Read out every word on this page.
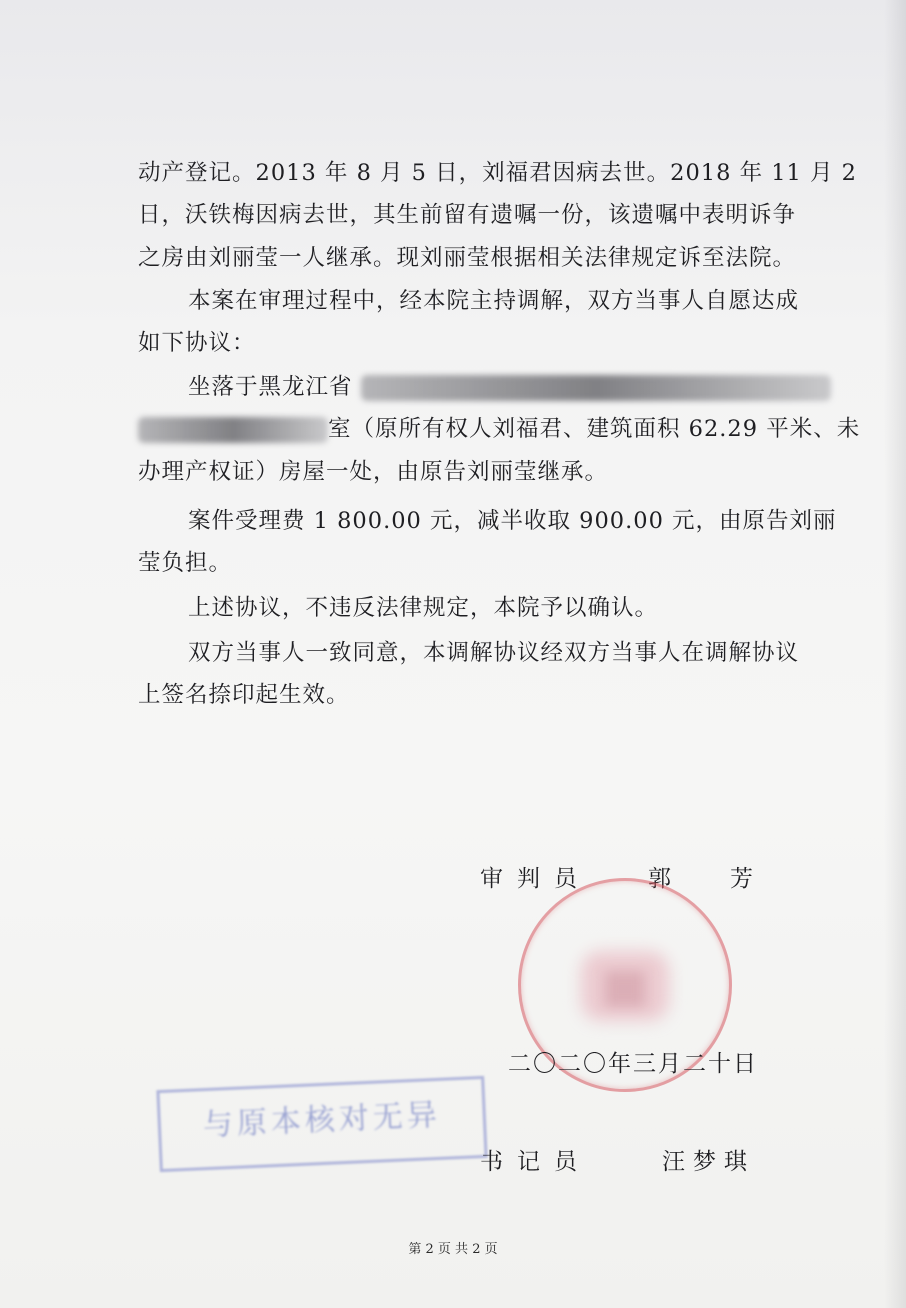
动产登记。2013 年 8 月 5 日，刘福君因病去世。2018 年 11 月 2
日，沃铁梅因病去世，其生前留有遗嘱一份，该遗嘱中表明诉争
之房由刘丽莹一人继承。现刘丽莹根据相关法律规定诉至法院。
本案在审理过程中，经本院主持调解，双方当事人自愿达成
如下协议：
坐落于黑龙江省
室（原所有权人刘福君、建筑面积 62.29 平米、未
办理产权证）房屋一处，由原告刘丽莹继承。
案件受理费 1 800.00 元，减半收取 900.00 元，由原告刘丽
莹负担。
上述协议，不违反法律规定，本院予以确认。
双方当事人一致同意，本调解协议经双方当事人在调解协议
上签名捺印起生效。
审判员 郭　芳
二〇二〇年三月二十日
与原本核对无异
书记员	汪梦琪
第 2 页 共 2 页
